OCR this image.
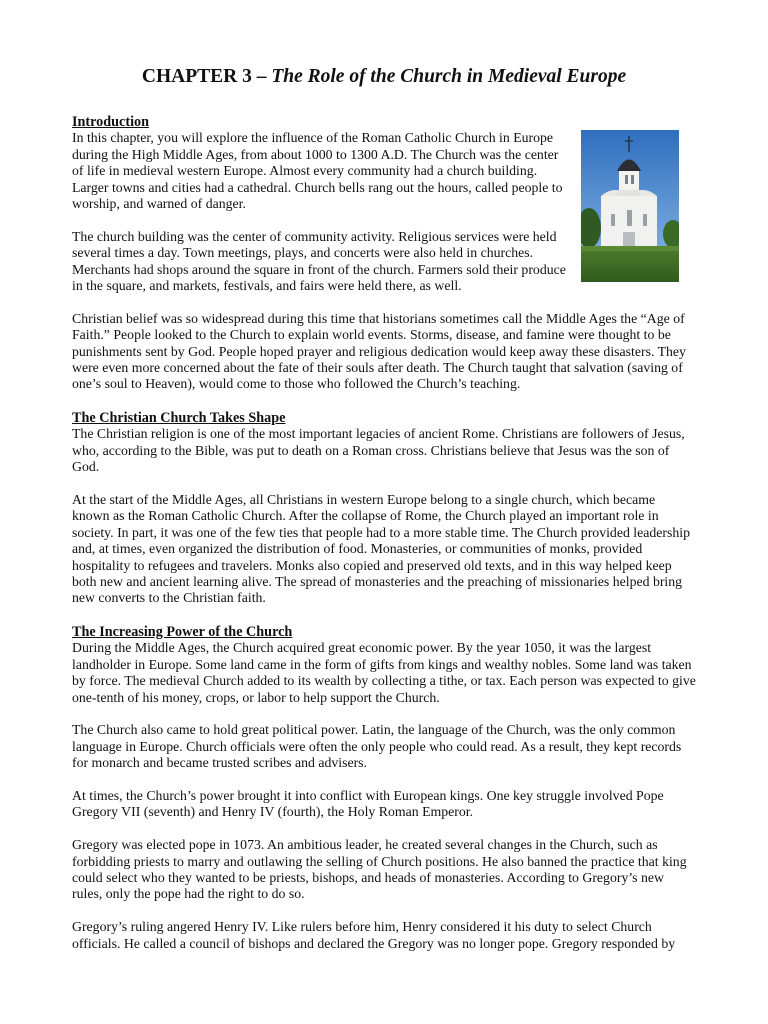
CHAPTER 3 – The Role of the Church in Medieval Europe
Introduction

In this chapter, you will explore the influence of the Roman Catholic Church in Europe during the High Middle Ages, from about 1000 to 1300 A.D. The Church was the center of life in medieval western Europe. Almost every community had a church building. Larger towns and cities had a cathedral. Church bells rang out the hours, called people to worship, and warned of danger.

The church building was the center of community activity. Religious services were held several times a day. Town meetings, plays, and concerts were also held in churches. Merchants had shops around the square in front of the church. Farmers sold their produce in the square, and markets, festivals, and fairs were held there, as well.

Christian belief was so widespread during this time that historians sometimes call the Middle Ages the “Age of Faith.” People looked to the Church to explain world events. Storms, disease, and famine were thought to be punishments sent by God. People hoped prayer and religious dedication would keep away these disasters. They were even more concerned about the fate of their souls after death. The Church taught that salvation (saving of one’s soul to Heaven), would come to those who followed the Church’s teaching.

The Christian Church Takes Shape

The Christian religion is one of the most important legacies of ancient Rome. Christians are followers of Jesus, who, according to the Bible, was put to death on a Roman cross. Christians believe that Jesus was the son of God.

At the start of the Middle Ages, all Christians in western Europe belong to a single church, which became known as the Roman Catholic Church. After the collapse of Rome, the Church played an important role in society. In part, it was one of the few ties that people had to a more stable time. The Church provided leadership and, at times, even organized the distribution of food. Monasteries, or communities of monks, provided hospitality to refugees and travelers. Monks also copied and preserved old texts, and in this way helped keep both new and ancient learning alive. The spread of monasteries and the preaching of missionaries helped bring new converts to the Christian faith.

The Increasing Power of the Church

During the Middle Ages, the Church acquired great economic power. By the year 1050, it was the largest landholder in Europe. Some land came in the form of gifts from kings and wealthy nobles. Some land was taken by force. The medieval Church added to its wealth by collecting a tithe, or tax. Each person was expected to give one-tenth of his money, crops, or labor to help support the Church.

The Church also came to hold great political power. Latin, the language of the Church, was the only common language in Europe. Church officials were often the only people who could read. As a result, they kept records for monarch and became trusted scribes and advisers.

At times, the Church’s power brought it into conflict with European kings. One key struggle involved Pope Gregory VII (seventh) and Henry IV (fourth), the Holy Roman Emperor.

Gregory was elected pope in 1073. An ambitious leader, he created several changes in the Church, such as forbidding priests to marry and outlawing the selling of Church positions. He also banned the practice that king could select who they wanted to be priests, bishops, and heads of monasteries. According to Gregory’s new rules, only the pope had the right to do so.

Gregory’s ruling angered Henry IV. Like rulers before him, Henry considered it his duty to select Church officials. He called a council of bishops and declared the Gregory was no longer pope. Gregory responded by
